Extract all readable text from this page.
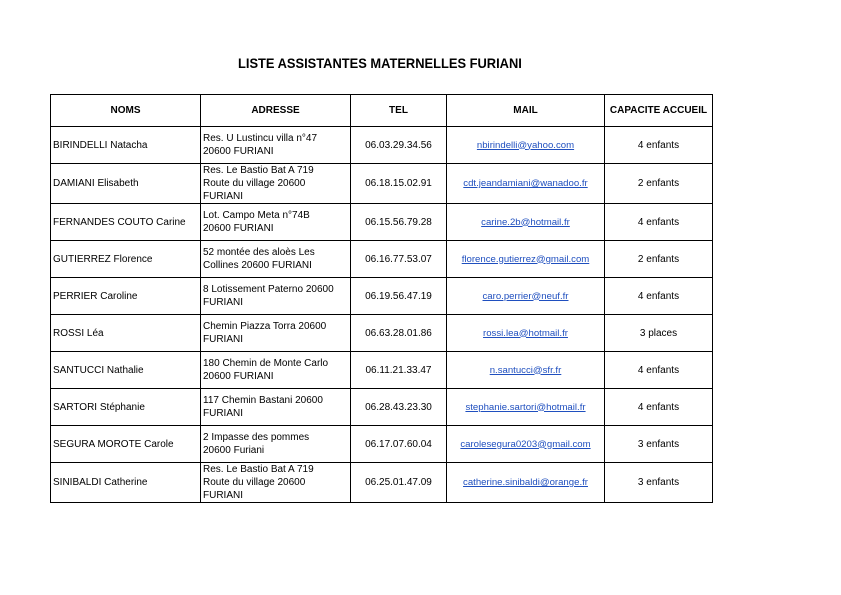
LISTE ASSISTANTES MATERNELLES FURIANI
NOMS	ADRESSE	TEL	MAIL	CAPACITE ACCUEIL
BIRINDELLI Natacha	Res. U Lustincu villa n°47
20600 FURIANI	06.03.29.34.56	nbirindelli@yahoo.com	4 enfants
DAMIANI Elisabeth	Res. Le Bastio Bat A 719
Route du village 20600
FURIANI	06.18.15.02.91	cdt.jeandamiani@wanadoo.fr	2 enfants
FERNANDES COUTO Carine	Lot. Campo Meta n°74B
20600 FURIANI	06.15.56.79.28	carine.2b@hotmail.fr	4 enfants
GUTIERREZ Florence	52 montée des aloès Les
Collines 20600 FURIANI	06.16.77.53.07	florence.gutierrez@gmail.com	2 enfants
PERRIER Caroline	8 Lotissement Paterno 20600
FURIANI	06.19.56.47.19	caro.perrier@neuf.fr	4 enfants
ROSSI Léa	Chemin Piazza Torra 20600
FURIANI	06.63.28.01.86	rossi.lea@hotmail.fr	3 places
SANTUCCI Nathalie	180 Chemin de Monte Carlo
20600 FURIANI	06.11.21.33.47	n.santucci@sfr.fr	4 enfants
SARTORI Stéphanie	117 Chemin Bastani 20600
FURIANI	06.28.43.23.30	stephanie.sartori@hotmail.fr	4 enfants
SEGURA MOROTE Carole	2 Impasse des pommes
20600 Furiani	06.17.07.60.04	carolesegura0203@gmail.com	3 enfants
SINIBALDI Catherine	Res. Le Bastio Bat A 719
Route du village 20600
FURIANI	06.25.01.47.09	catherine.sinibaldi@orange.fr	3 enfants
